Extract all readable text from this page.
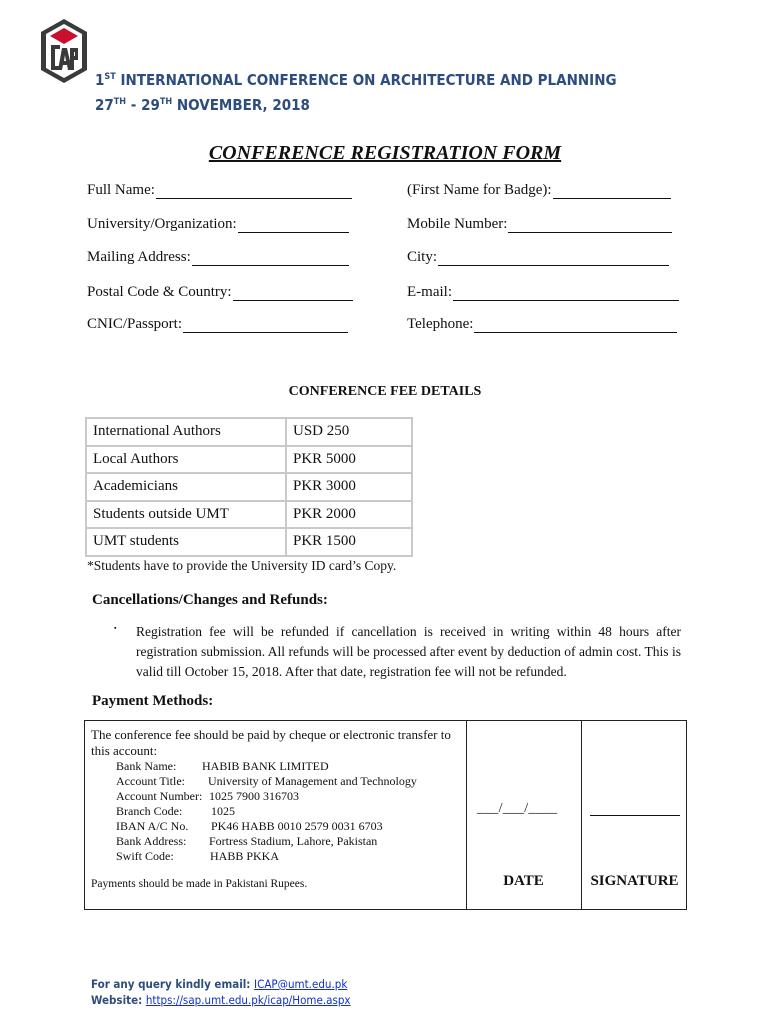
1ST INTERNATIONAL CONFERENCE ON ARCHITECTURE AND PLANNING
27TH - 29TH NOVEMBER, 2018
CONFERENCE REGISTRATION FORM
Full Name:	(First Name for Badge):
University/Organization:	Mobile Number:
Mailing Address:	City:
Postal Code & Country:	E-mail:
CNIC/Passport:	Telephone:
CONFERENCE FEE DETAILS
International Authors	USD 250
Local Authors	PKR 5000
Academicians	PKR 3000
Students outside UMT	PKR 2000
UMT students	PKR 1500
*Students have to provide the University ID card’s Copy.
Cancellations/Changes and Refunds:
▪ Registration fee will be refunded if cancellation is received in writing within 48 hours after registration submission. All refunds will be processed after event by deduction of admin cost. This is valid till October 15, 2018. After that date, registration fee will not be refunded.
Payment Methods:
The conference fee should be paid by cheque or electronic transfer to this account:
Bank Name:	HABIB BANK LIMITED
Account Title:	University of Management and Technology
Account Number: 1025 7900 316703
Branch Code:	1025
IBAN A/C No.	PK46 HABB 0010 2579 0031 6703
Bank Address:	Fortress Stadium, Lahore, Pakistan
Swift Code:	HABB PKKA
Payments should be made in Pakistani Rupees.
___/___/____
DATE	SIGNATURE
For any query kindly email: ICAP@umt.edu.pk
Website: https://sap.umt.edu.pk/icap/Home.aspx
